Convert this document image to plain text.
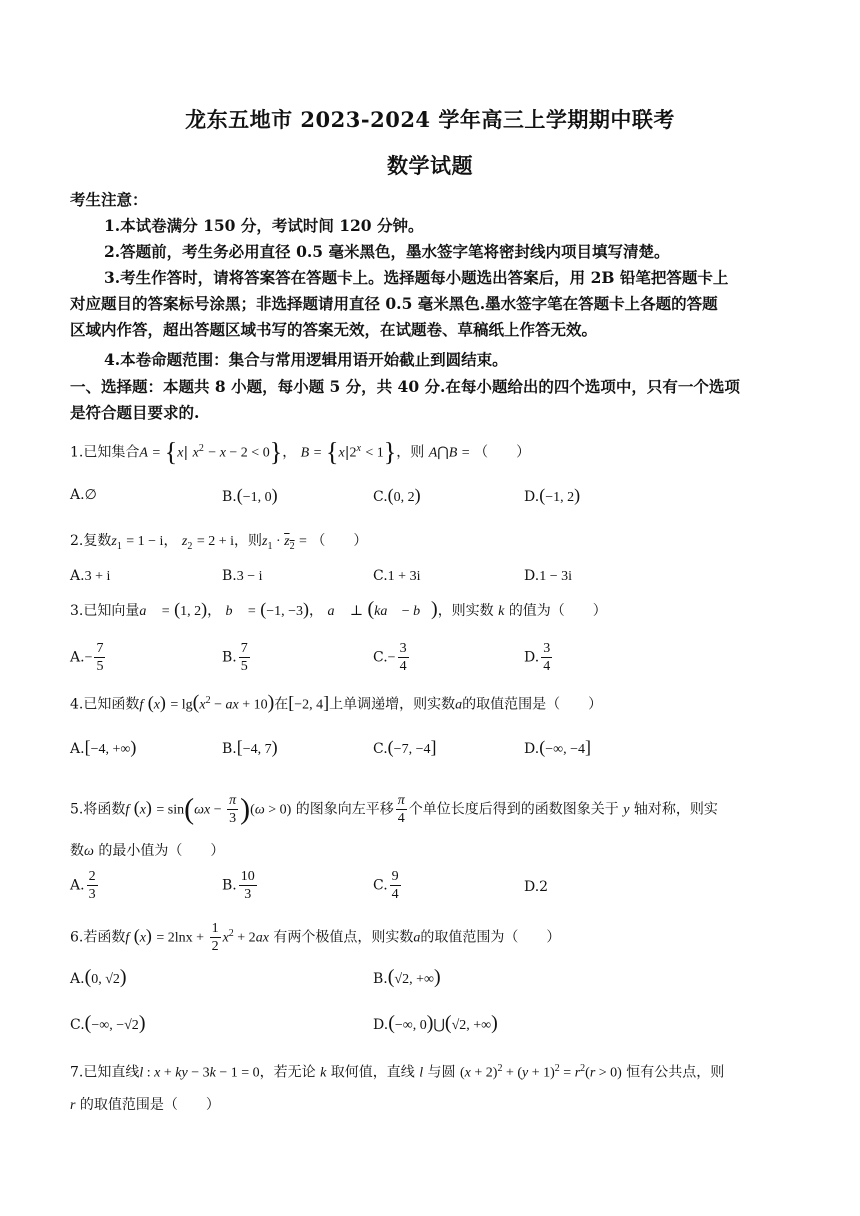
龙东五地市 2023-2024 学年高三上学期期中联考
数学试题
考生注意：
1.本试卷满分 150 分，考试时间 120 分钟。
2.答题前，考生务必用直径 0.5 毫米黑色，墨水签字笔将密封线内项目填写清楚。
3.考生作答时，请将答案答在答题卡上。选择题每小题选出答案后，用 2B 铅笔把答题卡上
对应题目的答案标号涂黑；非选择题请用直径 0.5 毫米黑色.墨水签字笔在答题卡上各题的答题
区域内作答，超出答题区域书写的答案无效，在试题卷、草稿纸上作答无效。
4.本卷命题范围：集合与常用逻辑用语开始截止到圆结束。
一、选择题：本题共 8 小题，每小题 5 分，共 40 分.在每小题给出的四个选项中，只有一个选项
是符合题目要求的.
1.已知集合A = {x| $x^2 - x - 2 < 0$}， $B = \{x|2^x < 1\}$，则 A⋂B = （　　）
A.∅	B.(−1, 0)	C.(0, 2)	D.(−1, 2)
2.复数$z_1 = 1 - i$， $z_2 = 2 + i$，则$z_1 \cdot z_2$ = （　　）
A.3 + i	B.3 − i	C.1 + 3i	D.1 − 3i
3.已知向量a⃗ = (1, 2)， b⃗ = (−1, −3)， a⃗ ⊥ (ka⃗ − b⃗)，则实数 k 的值为（　　）
$A.- \frac{7}{5}$	B. $\frac{7}{5}$	$C.- \frac{3}{4}$	D. $\frac{3}{4}$
4.已知函数f $(x) = \lg(x^2$ − ax + 10)在[−2, 4]上单调递增，则实数a的取值范围是（　　）
A.[−4, +∞)	B.[−4, 7)	C.(−7, −4]	D.(−∞, −4]
5.将函数f $(x) = \sin(\omega x - \frac{\pi}{3} )(\omega > 0)$ 的图象向左平移 $\frac{\pi}{4}$ 个单位长度后得到的函数图象关于 y 轴对称，则实
数ω 的最小值为（　　）
A. $\frac{2}{3}$	B. $\frac{10}{3}$	C. $\frac{9}{4}$	D.2
6.若函数f $(x) = 2\ln x + \frac{1}{2} x^2 + 2ax$ 有两个极值点，则实数a的取值范围为（　　）
A.(0, √2)	B.(√2, +∞)
C.(−∞, −√2)	D.(−∞, 0)⋃(√2, +∞)
7.已知直线l : x + ky − 3k − 1 = 0，若无论 k 取何值，直线 l 与圆 $(x + 2)^2 + (y + 1)^2 = r^2(r > 0)$ 恒有公共点，则
r 的取值范围是（　　）
